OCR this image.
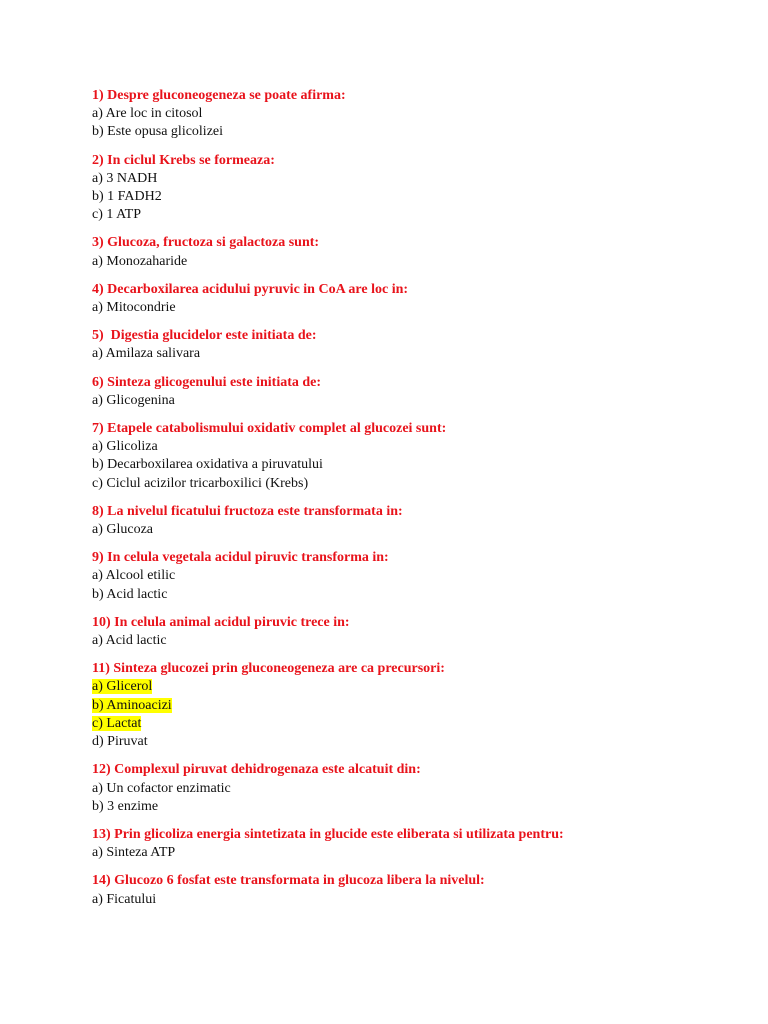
1) Despre gluconeogeneza se poate afirma:
a) Are loc in citosol
b) Este opusa glicolizei
2) In ciclul Krebs se formeaza:
a) 3 NADH
b) 1 FADH2
c) 1 ATP
3) Glucoza, fructoza si galactoza sunt:
a) Monozaharide
4) Decarboxilarea acidului pyruvic in CoA are loc in:
a) Mitocondrie
5)  Digestia glucidelor este initiata de:
a) Amilaza salivara
6) Sinteza glicogenului este initiata de:
a) Glicogenina
7) Etapele catabolismului oxidativ complet al glucozei sunt:
a) Glicoliza
b) Decarboxilarea oxidativa a piruvatului
c) Ciclul acizilor tricarboxilici (Krebs)
8) La nivelul ficatului fructoza este transformata in:
a) Glucoza
9) In celula vegetala acidul piruvic transforma in:
a) Alcool etilic
b) Acid lactic
10) In celula animal acidul piruvic trece in:
a) Acid lactic
11) Sinteza glucozei prin gluconeogeneza are ca precursori:
a) Glicerol
b) Aminoacizi
c) Lactat
d) Piruvat
12) Complexul piruvat dehidrogenaza este alcatuit din:
a) Un cofactor enzimatic
b) 3 enzime
13) Prin glicoliza energia sintetizata in glucide este eliberata si utilizata pentru:
a) Sinteza ATP
14) Glucozo 6 fosfat este transformata in glucoza libera la nivelul:
a) Ficatului
